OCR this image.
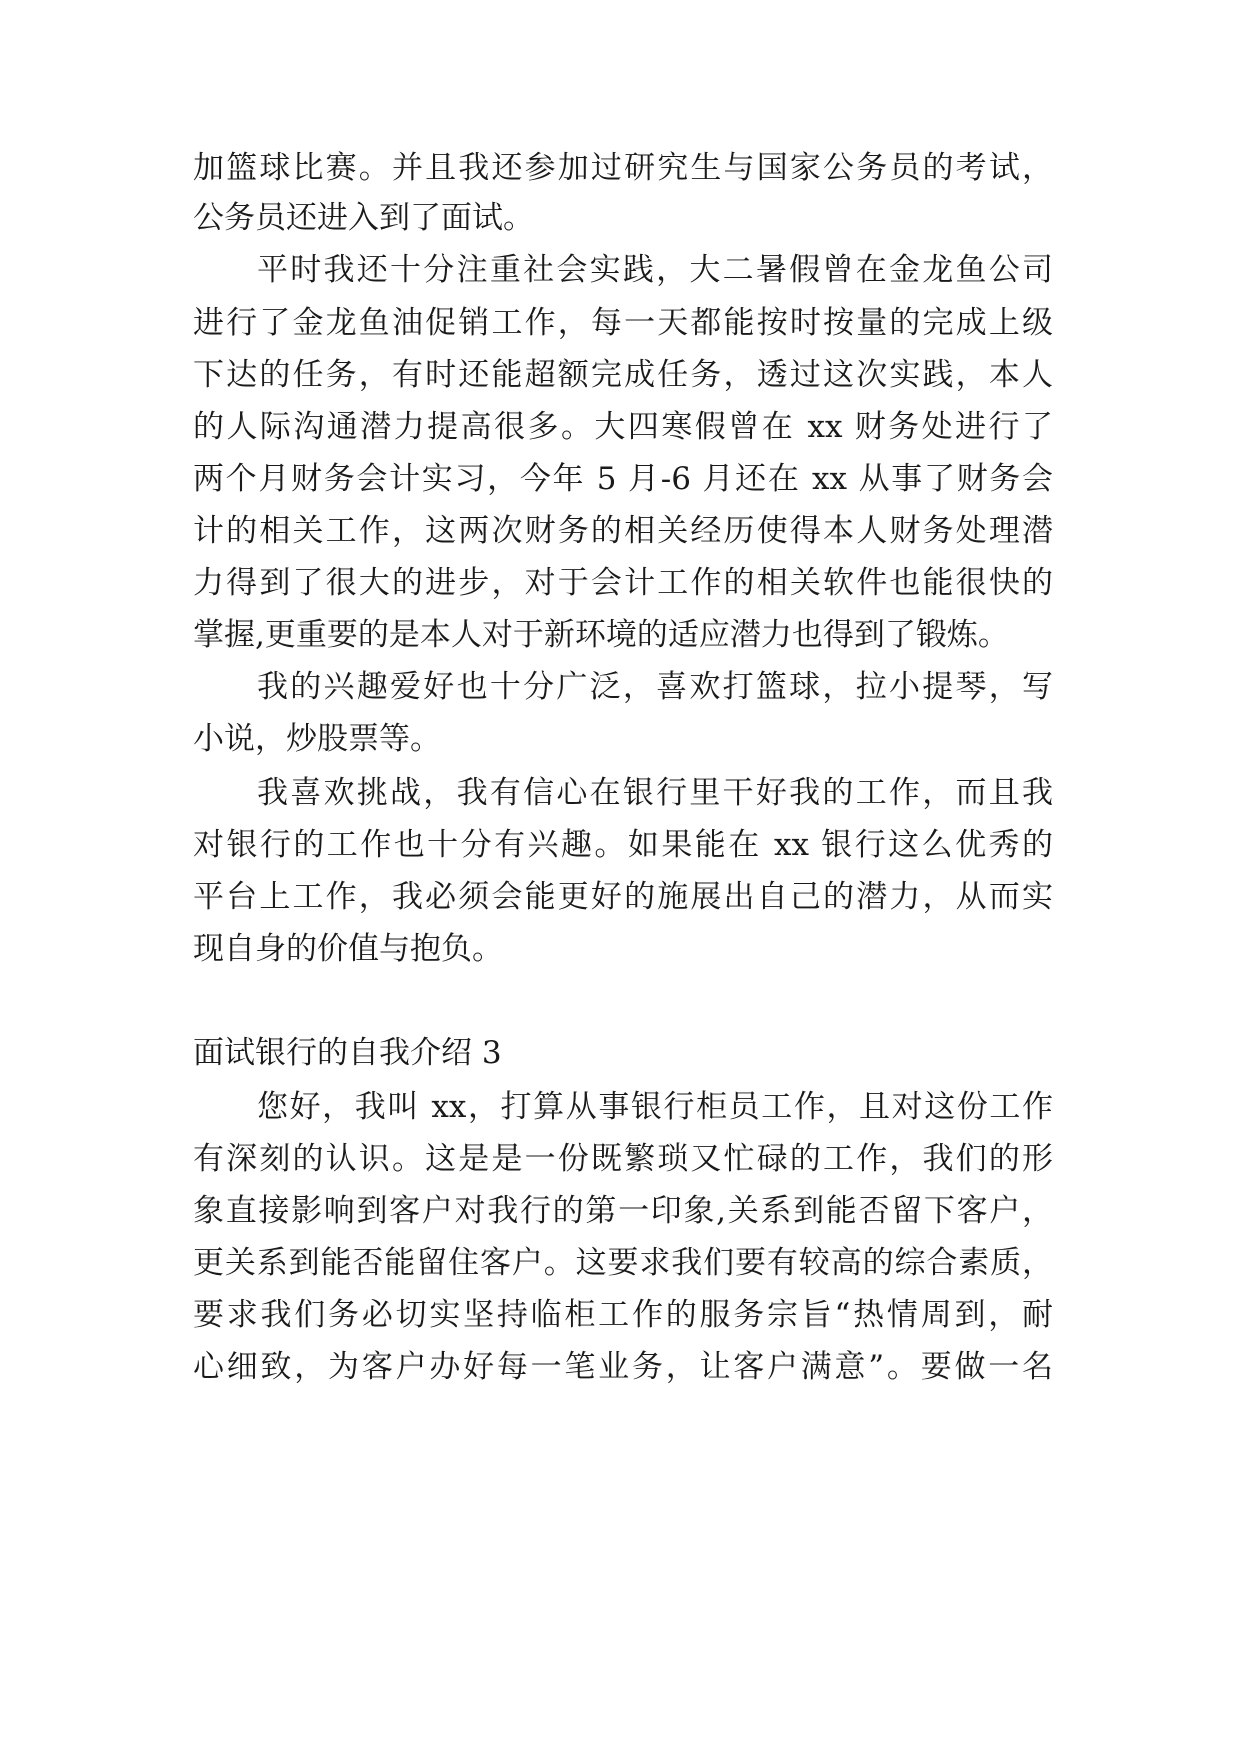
加篮球比赛。并且我还参加过研究生与国家公务员的考试，
公务员还进入到了面试。
平时我还十分注重社会实践，大二暑假曾在金龙鱼公司
进行了金龙鱼油促销工作，每一天都能按时按量的完成上级
下达的任务，有时还能超额完成任务，透过这次实践，本人
的人际沟通潜力提高很多。大四寒假曾在 xx 财务处进行了
两个月财务会计实习，今年 5 月-6 月还在 xx 从事了财务会
计的相关工作，这两次财务的相关经历使得本人财务处理潜
力得到了很大的进步，对于会计工作的相关软件也能很快的
掌握,更重要的是本人对于新环境的适应潜力也得到了锻炼。
我的兴趣爱好也十分广泛，喜欢打篮球，拉小提琴，写
小说，炒股票等。
我喜欢挑战，我有信心在银行里干好我的工作，而且我
对银行的工作也十分有兴趣。如果能在 xx 银行这么优秀的
平台上工作，我必须会能更好的施展出自己的潜力，从而实
现自身的价值与抱负。
面试银行的自我介绍 3
您好，我叫 xx，打算从事银行柜员工作，且对这份工作
有深刻的认识。这是是一份既繁琐又忙碌的工作，我们的形
象直接影响到客户对我行的第一印象,关系到能否留下客户，
更关系到能否能留住客户。这要求我们要有较高的综合素质，
要求我们务必切实坚持临柜工作的服务宗旨“热情周到，耐
心细致，为客户办好每一笔业务，让客户满意”。要做一名
